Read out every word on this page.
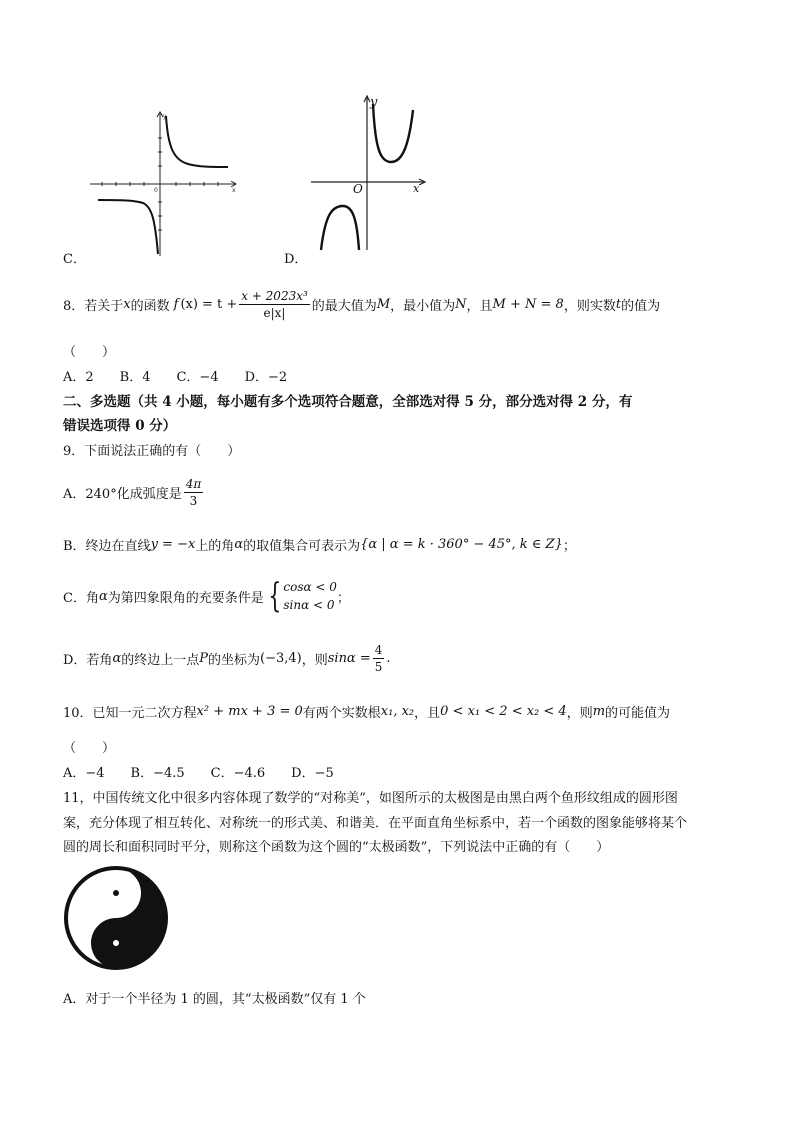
y
x
0
y
x
O
C．	D．
8．若关于 x 的函数 f $(x) = t + \frac{\text{x + 2023x³}}{e|x|}$ 的最大值为 M ，最小值为 N ，且 M + N = 8 ，则实数 t 的值为
（　　）
A．2　　B．4　　C．−4　　D．−2
二、多选题（共 4 小题，每小题有多个选项符合题意，全部选对得 5 分，部分选对得 2 分，有
错误选项得 0 分）
9．下面说法正确的有（　　）
A．240°化成弧度是 $\frac{4\pi}{3}$
B．终边在直线 y = −x 上的角 α 的取值集合可表示为 {α | α = k · 360° − 45°, k ∈ Z} ；
C．角 α 为第四象限角的充要条件是 { cosα < 0
sinα < 0 ；
D．若角 α 的终边上一点 P 的坐标为 (−3,4) ，则 $\sin\alpha = \frac{4}{5}$ .
10．已知一元二次方程 x² + mx + 3 = 0 有两个实数根 x₁, x₂ ，且 0 < x₁ < 2 < x₂ < 4 ，则 m 的可能值为
（　　）
A．−4　　B．−4.5　　C．−4.6　　D．−5
11，中国传统文化中很多内容体现了数学的“对称美”，如图所示的太极图是由黑白两个鱼形纹组成的圆形图
案，充分体现了相互转化、对称统一的形式美、和谐美．在平面直角坐标系中，若一个函数的图象能够将某个
圆的周长和面积同时平分，则称这个函数为这个圆的“太极函数”，下列说法中正确的有（　　）
A．对于一个半径为 1 的圆，其“太极函数”仅有 1 个
